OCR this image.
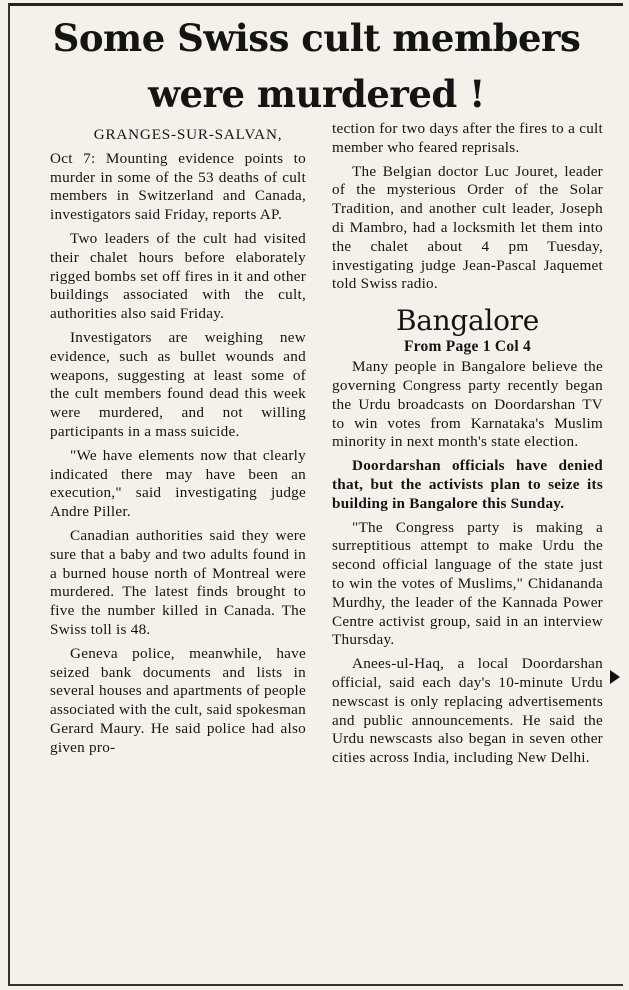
Some Swiss cult members
were murdered !

GRANGES-SUR-SALVAN,

Oct 7: Mounting evidence points to murder in some of the 53 deaths of cult members in Switzerland and Canada, investigators said Friday, reports AP.

Two leaders of the cult had visited their chalet hours before elaborately rigged bombs set off fires in it and other buildings associated with the cult, authorities also said Friday.

Investigators are weighing new evidence, such as bullet wounds and weapons, suggesting at least some of the cult members found dead this week were murdered, and not willing participants in a mass suicide.

"We have elements now that clearly indicated there may have been an execution," said investigating judge Andre Piller.

Canadian authorities said they were sure that a baby and two adults found in a burned house north of Montreal were murdered. The latest finds brought to five the number killed in Canada. The Swiss toll is 48.

Geneva police, meanwhile, have seized bank documents and lists in several houses and apartments of people associated with the cult, said spokesman Gerard Maury. He said police had also given pro-

tection for two days after the fires to a cult member who feared reprisals.

The Belgian doctor Luc Jouret, leader of the mysterious Order of the Solar Tradition, and another cult leader, Joseph di Mambro, had a locksmith let them into the chalet about 4 pm Tuesday, investigating judge Jean-Pascal Jaquemet told Swiss radio.

Bangalore
From Page 1 Col 4

Many people in Bangalore believe the governing Congress party recently began the Urdu broadcasts on Doordarshan TV to win votes from Karnataka's Muslim minority in next month's state election.

Doordarshan officials have denied that, but the activists plan to seize its building in Bangalore this Sunday.

"The Congress party is making a surreptitious attempt to make Urdu the second official language of the state just to win the votes of Muslims," Chidananda Murdhy, the leader of the Kannada Power Centre activist group, said in an interview Thursday.

Anees-ul-Haq, a local Doordarshan official, said each day's 10-minute Urdu newscast is only replacing advertisements and public announcements. He said the Urdu newscasts also began in seven other cities across India, including New Delhi.
